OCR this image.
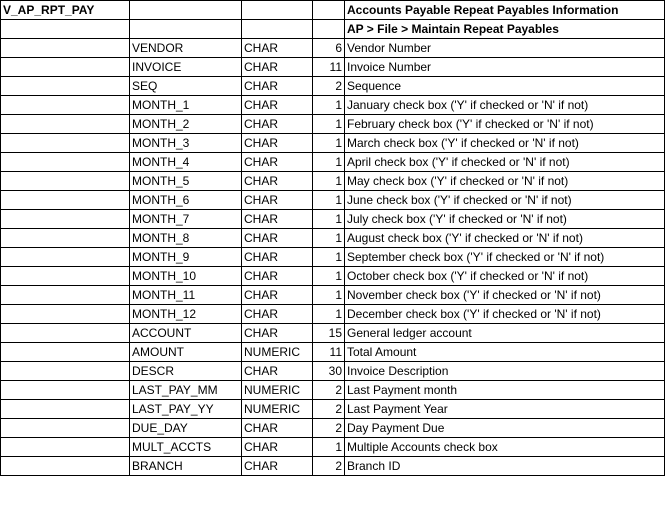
V_AP_RPT_PAY				Accounts Payable Repeat Payables Information
				AP > File > Maintain Repeat Payables
	VENDOR	CHAR	6	Vendor Number
	INVOICE	CHAR	11	Invoice Number
	SEQ	CHAR	2	Sequence
	MONTH_1	CHAR	1	January check box ('Y' if checked or 'N' if not)
	MONTH_2	CHAR	1	February check box ('Y' if checked or 'N' if not)
	MONTH_3	CHAR	1	March check box ('Y' if checked or 'N' if not)
	MONTH_4	CHAR	1	April check box ('Y' if checked or 'N' if not)
	MONTH_5	CHAR	1	May check box ('Y' if checked or 'N' if not)
	MONTH_6	CHAR	1	June check box ('Y' if checked or 'N' if not)
	MONTH_7	CHAR	1	July check box ('Y' if checked or 'N' if not)
	MONTH_8	CHAR	1	August check box ('Y' if checked or 'N' if not)
	MONTH_9	CHAR	1	September check box ('Y' if checked or 'N' if not)
	MONTH_10	CHAR	1	October check box ('Y' if checked or 'N' if not)
	MONTH_11	CHAR	1	November check box ('Y' if checked or 'N' if not)
	MONTH_12	CHAR	1	December check box ('Y' if checked or 'N' if not)
	ACCOUNT	CHAR	15	General ledger account
	AMOUNT	NUMERIC	11	Total Amount
	DESCR	CHAR	30	Invoice Description
	LAST_PAY_MM	NUMERIC	2	Last Payment month
	LAST_PAY_YY	NUMERIC	2	Last Payment Year
	DUE_DAY	CHAR	2	Day Payment Due
	MULT_ACCTS	CHAR	1	Multiple Accounts check box
	BRANCH	CHAR	2	Branch ID
